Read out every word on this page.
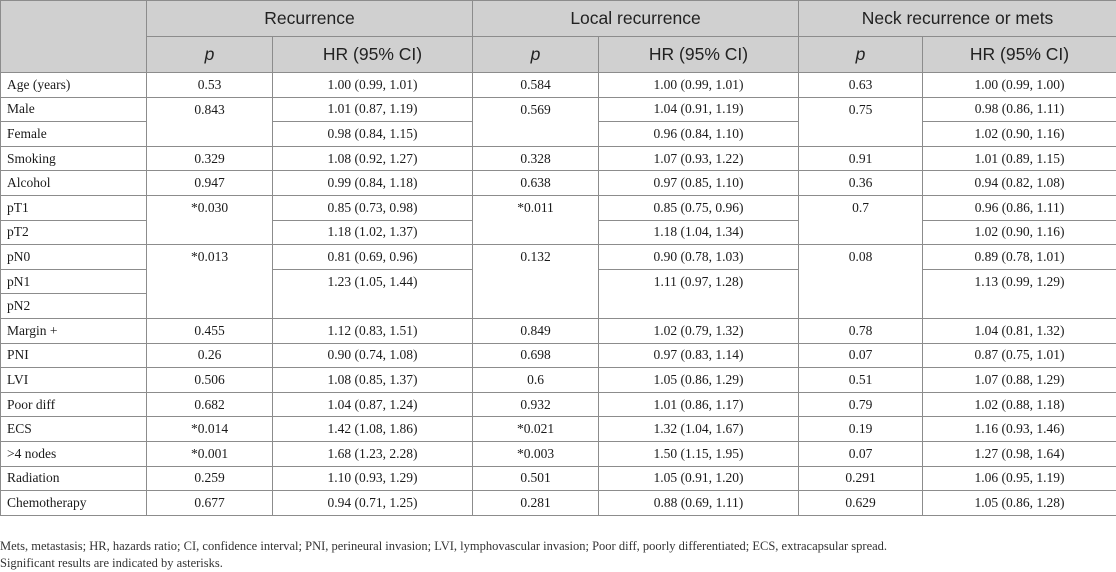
	Recurrence		Local recurrence		Neck recurrence or mets	
	p	HR (95% CI)	p	HR (95% CI)	p	HR (95% CI)
Age (years)	0.53	1.00 (0.99, 1.01)	0.584	1.00 (0.99, 1.01)	0.63	1.00 (0.99, 1.00)
Male	0.843	1.01 (0.87, 1.19)	0.569	1.04 (0.91, 1.19)	0.75	0.98 (0.86, 1.11)
Female		0.98 (0.84, 1.15)		0.96 (0.84, 1.10)		1.02 (0.90, 1.16)
Smoking	0.329	1.08 (0.92, 1.27)	0.328	1.07 (0.93, 1.22)	0.91	1.01 (0.89, 1.15)
Alcohol	0.947	0.99 (0.84, 1.18)	0.638	0.97 (0.85, 1.10)	0.36	0.94 (0.82, 1.08)
pT1	*0.030	0.85 (0.73, 0.98)	*0.011	0.85 (0.75, 0.96)	0.7	0.96 (0.86, 1.11)
pT2		1.18 (1.02, 1.37)		1.18 (1.04, 1.34)		1.02 (0.90, 1.16)
pN0	*0.013	0.81 (0.69, 0.96)	0.132	0.90 (0.78, 1.03)	0.08	0.89 (0.78, 1.01)
pN1		1.23 (1.05, 1.44)		1.11 (0.97, 1.28)		1.13 (0.99, 1.29)
pN2						
Margin +	0.455	1.12 (0.83, 1.51)	0.849	1.02 (0.79, 1.32)	0.78	1.04 (0.81, 1.32)
PNI	0.26	0.90 (0.74, 1.08)	0.698	0.97 (0.83, 1.14)	0.07	0.87 (0.75, 1.01)
LVI	0.506	1.08 (0.85, 1.37)	0.6	1.05 (0.86, 1.29)	0.51	1.07 (0.88, 1.29)
Poor diff	0.682	1.04 (0.87, 1.24)	0.932	1.01 (0.86, 1.17)	0.79	1.02 (0.88, 1.18)
ECS	*0.014	1.42 (1.08, 1.86)	*0.021	1.32 (1.04, 1.67)	0.19	1.16 (0.93, 1.46)
>4 nodes	*0.001	1.68 (1.23, 2.28)	*0.003	1.50 (1.15, 1.95)	0.07	1.27 (0.98, 1.64)
Radiation	0.259	1.10 (0.93, 1.29)	0.501	1.05 (0.91, 1.20)	0.291	1.06 (0.95, 1.19)
Chemotherapy	0.677	0.94 (0.71, 1.25)	0.281	0.88 (0.69, 1.11)	0.629	1.05 (0.86, 1.28)
Mets, metastasis; HR, hazards ratio; CI, confidence interval; PNI, perineural invasion; LVI, lymphovascular invasion; Poor diff, poorly differentiated; ECS, extracapsular spread.
Significant results are indicated by asterisks.
